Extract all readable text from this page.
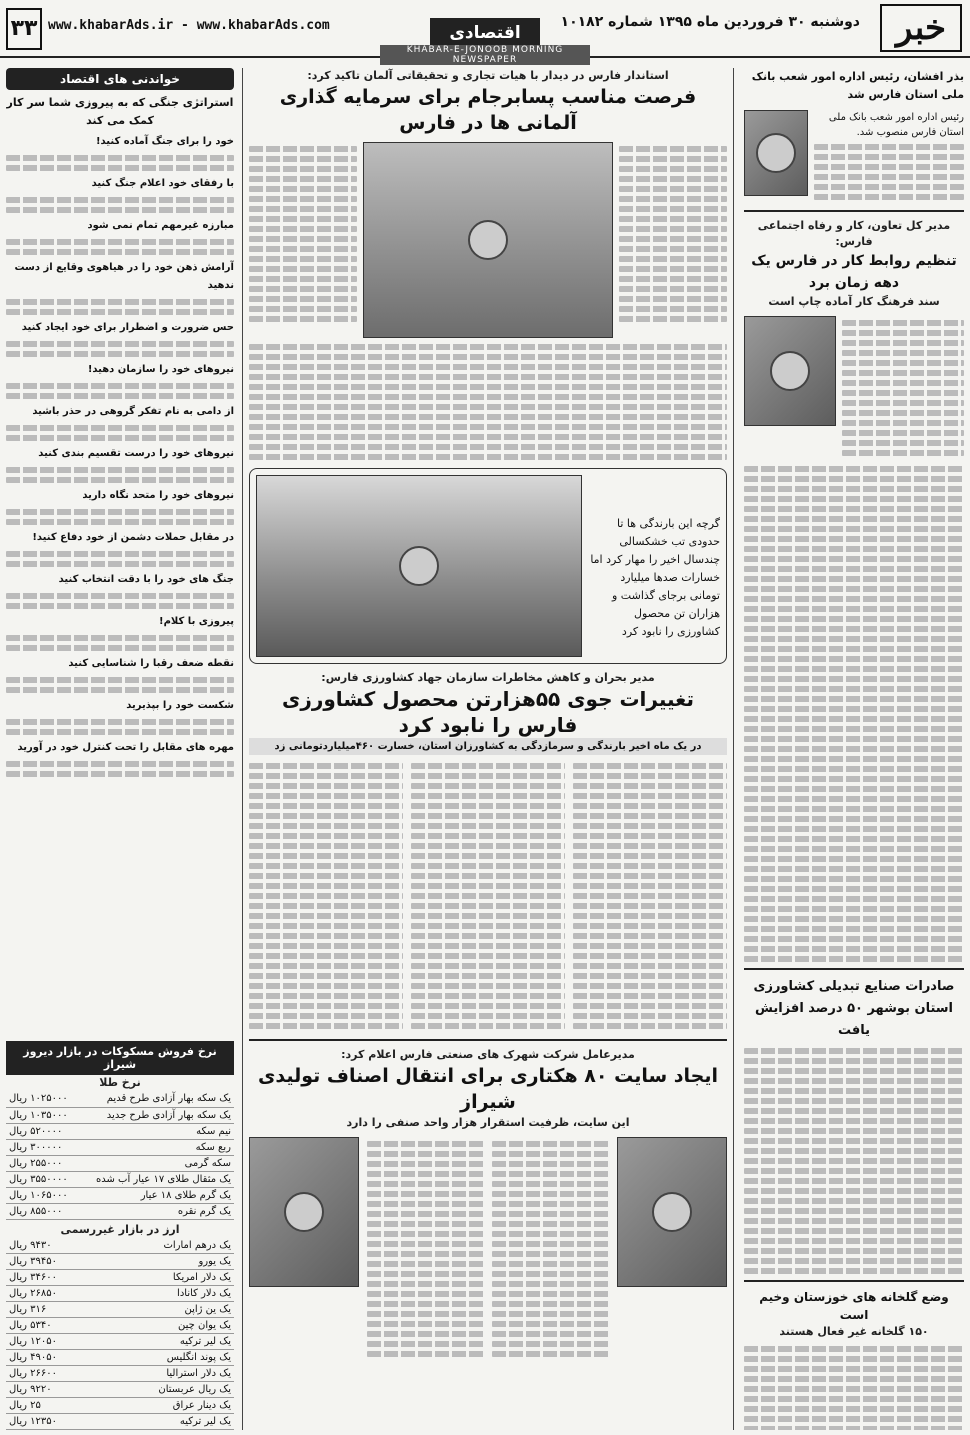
خبر
دوشنبه ۳۰ فروردین ماه ۱۳۹۵ شماره ۱۰۱۸۲
اقتصادی
KHABAR-E-JONOOB MORNING NEWSPAPER
www.khabarAds.ir - www.khabarAds.com
۳۳
بذر افشان، رئیس اداره امور شعب بانک ملی استان فارس شد
رئیس اداره امور شعب بانک ملی استان فارس منصوب شد.
مدیر کل تعاون، کار و رفاه اجتماعی فارس:
تنظیم روابط کار در فارس یک دهه زمان برد
سند فرهنگ کار آماده چاپ است
صادرات صنایع تبدیلی کشاورزی استان بوشهر ۵۰ درصد افزایش یافت
وضع گلخانه های خوزستان وخیم است
۱۵۰ گلخانه غیر فعال هستند
استاندار فارس در دیدار با هیات تجاری و تحقیقاتی آلمان تاکید کرد:
فرصت مناسب پسابرجام برای سرمایه گذاری آلمانی ها در فارس
گرچه این بارندگی ها تا حدودی تب خشکسالی چندسال اخیر را مهار کرد اما خسارات صدها میلیارد تومانی برجای گذاشت و هزاران تن محصول کشاورزی را نابود کرد
مدیر بحران و کاهش مخاطرات سازمان جهاد کشاورزی فارس:
تغییرات جوی ۵۵هزارتن محصول کشاورزی فارس را نابود کرد
در یک ماه اخیر بارندگی و سرمازدگی به کشاورزان استان، خسارت ۴۶۰میلیاردتومانی زد
مدیرعامل شرکت شهرک های صنعتی فارس اعلام کرد:
ایجاد سایت ۸۰ هکتاری برای انتقال اصناف تولیدی شیراز
این سایت، ظرفیت استقرار هزار واحد صنفی را دارد
خواندنی های اقتصاد
استراتژی جنگی که به پیروزی شما سر کار کمک می کند
خود را برای جنگ آماده کنید!
با رفقای خود اعلام جنگ کنید
مبارزه غیرمهم تمام نمی شود
آرامش ذهن خود را در هیاهوی وقایع از دست ندهید
حس ضرورت و اضطرار برای خود ایجاد کنید
نیروهای خود را سازمان دهید!
از دامی به نام تفکر گروهی در حذر باشید
نیروهای خود را درست تقسیم بندی کنید
نیروهای خود را متحد نگاه دارید
در مقابل حملات دشمن از خود دفاع کنید!
جنگ های خود را با دقت انتخاب کنید
پیروزی با کلام!
نقطه ضعف رقبا را شناسایی کنید
شکست خود را بپذیرید
مهره های مقابل را تحت کنترل خود در آورید
نرخ فروش مسکوکات در بازار دیروز شیراز
نرخ طلا
یک سکه بهار آزادی طرح قدیم	۱۰۲۵۰۰۰ ریال
یک سکه بهار آزادی طرح جدید	۱۰۳۵۰۰۰ ریال
نیم سکه	۵۲۰۰۰۰ ریال
ربع سکه	۳۰۰۰۰۰ ریال
سکه گرمی	۲۵۵۰۰۰ ریال
یک مثقال طلای ۱۷ عیار آب شده	۳۵۵۰۰۰۰ ریال
یک گرم طلای ۱۸ عیار	۱۰۶۵۰۰۰ ریال
یک گرم نقره	۸۵۵۰۰۰ ریال
ارز در بازار غیررسمی
یک درهم امارات	۹۴۳۰ ریال
یک یورو	۳۹۴۵۰ ریال
یک دلار امریکا	۳۴۶۰۰ ریال
یک دلار کانادا	۲۶۸۵۰ ریال
یک ین ژاپن	۳۱۶ ریال
یک یوان چین	۵۳۴۰ ریال
یک لیر ترکیه	۱۲۰۵۰ ریال
یک پوند انگلیس	۴۹۰۵۰ ریال
یک دلار استرالیا	۲۶۶۰۰ ریال
یک ریال عربستان	۹۲۲۰ ریال
یک دینار عراق	۲۵ ریال
یک لیر ترکیه	۱۲۳۵۰ ریال
